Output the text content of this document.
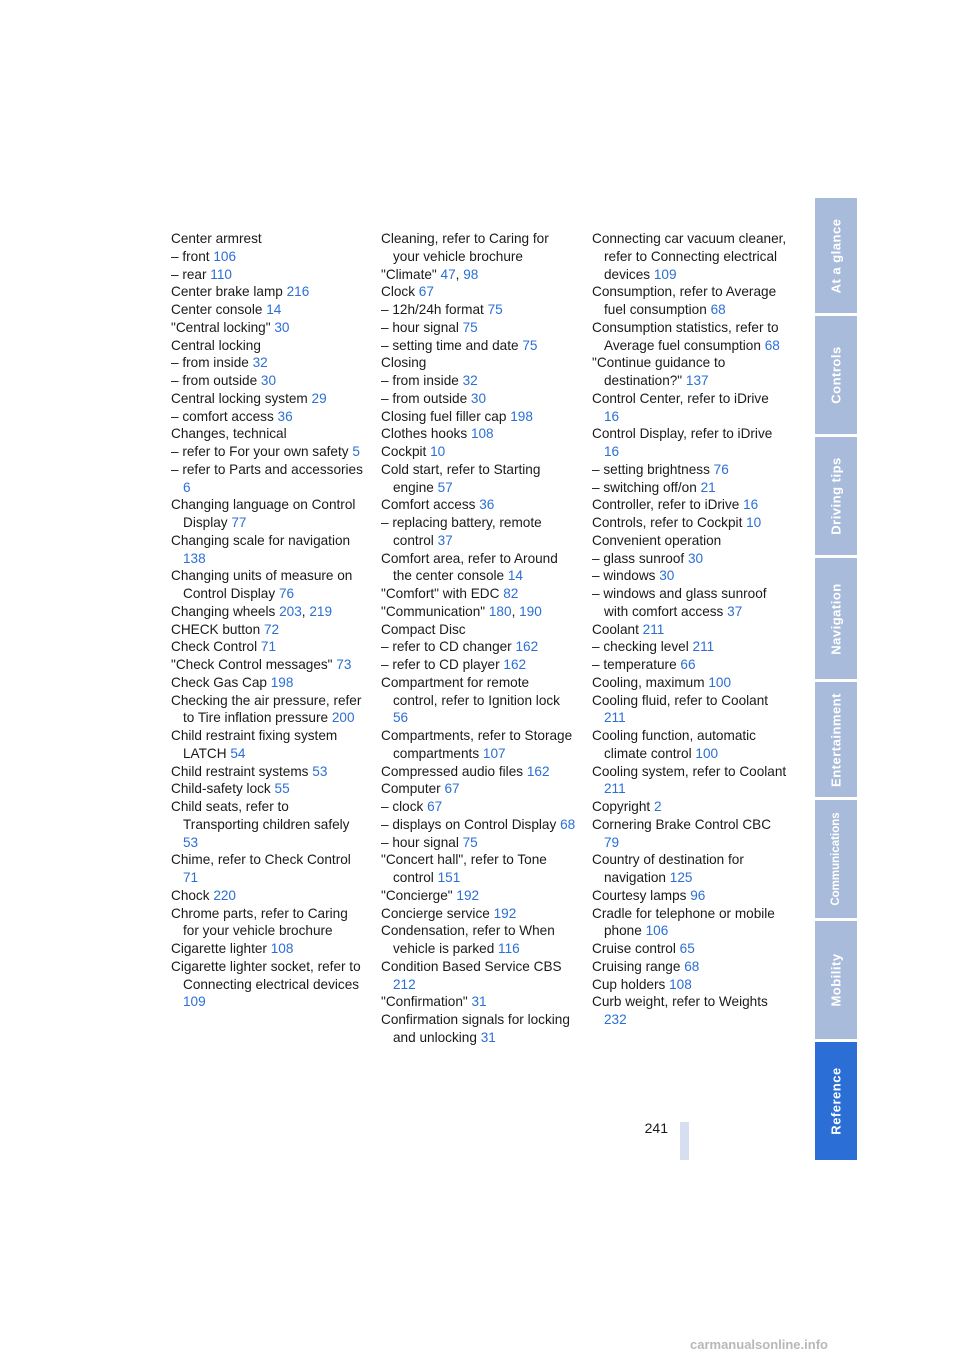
Center armrest
– front 106
– rear 110
Center brake lamp 216
Center console 14
"Central locking" 30
Central locking
– from inside 32
– from outside 30
Central locking system 29
– comfort access 36
Changes, technical
– refer to For your own safety 5
– refer to Parts and accessories 6
Changing language on Control Display 77
Changing scale for navigation 138
Changing units of measure on Control Display 76
Changing wheels 203, 219
CHECK button 72
Check Control 71
"Check Control messages" 73
Check Gas Cap 198
Checking the air pressure, refer to Tire inflation pressure 200
Child restraint fixing system LATCH 54
Child restraint systems 53
Child-safety lock 55
Child seats, refer to Transporting children safely 53
Chime, refer to Check Control 71
Chock 220
Chrome parts, refer to Caring for your vehicle brochure
Cigarette lighter 108
Cigarette lighter socket, refer to Connecting electrical devices 109
Cleaning, refer to Caring for your vehicle brochure
"Climate" 47, 98
Clock 67
– 12h/24h format 75
– hour signal 75
– setting time and date 75
Closing
– from inside 32
– from outside 30
Closing fuel filler cap 198
Clothes hooks 108
Cockpit 10
Cold start, refer to Starting engine 57
Comfort access 36
– replacing battery, remote control 37
Comfort area, refer to Around the center console 14
"Comfort" with EDC 82
"Communication" 180, 190
Compact Disc
– refer to CD changer 162
– refer to CD player 162
Compartment for remote control, refer to Ignition lock 56
Compartments, refer to Storage compartments 107
Compressed audio files 162
Computer 67
– clock 67
– displays on Control Display 68
– hour signal 75
"Concert hall", refer to Tone control 151
"Concierge" 192
Concierge service 192
Condensation, refer to When vehicle is parked 116
Condition Based Service CBS 212
"Confirmation" 31
Confirmation signals for locking and unlocking 31
Connecting car vacuum cleaner, refer to Connecting electrical devices 109
Consumption, refer to Average fuel consumption 68
Consumption statistics, refer to Average fuel consumption 68
"Continue guidance to destination?" 137
Control Center, refer to iDrive 16
Control Display, refer to iDrive 16
– setting brightness 76
– switching off/on 21
Controller, refer to iDrive 16
Controls, refer to Cockpit 10
Convenient operation
– glass sunroof 30
– windows 30
– windows and glass sunroof with comfort access 37
Coolant 211
– checking level 211
– temperature 66
Cooling, maximum 100
Cooling fluid, refer to Coolant 211
Cooling function, automatic climate control 100
Cooling system, refer to Coolant 211
Copyright 2
Cornering Brake Control CBC 79
Country of destination for navigation 125
Courtesy lamps 96
Cradle for telephone or mobile phone 106
Cruise control 65
Cruising range 68
Cup holders 108
Curb weight, refer to Weights 232
At a glance
Controls
Driving tips
Navigation
Entertainment
Communications
Mobility
Reference
241
carmanualsonline.info
